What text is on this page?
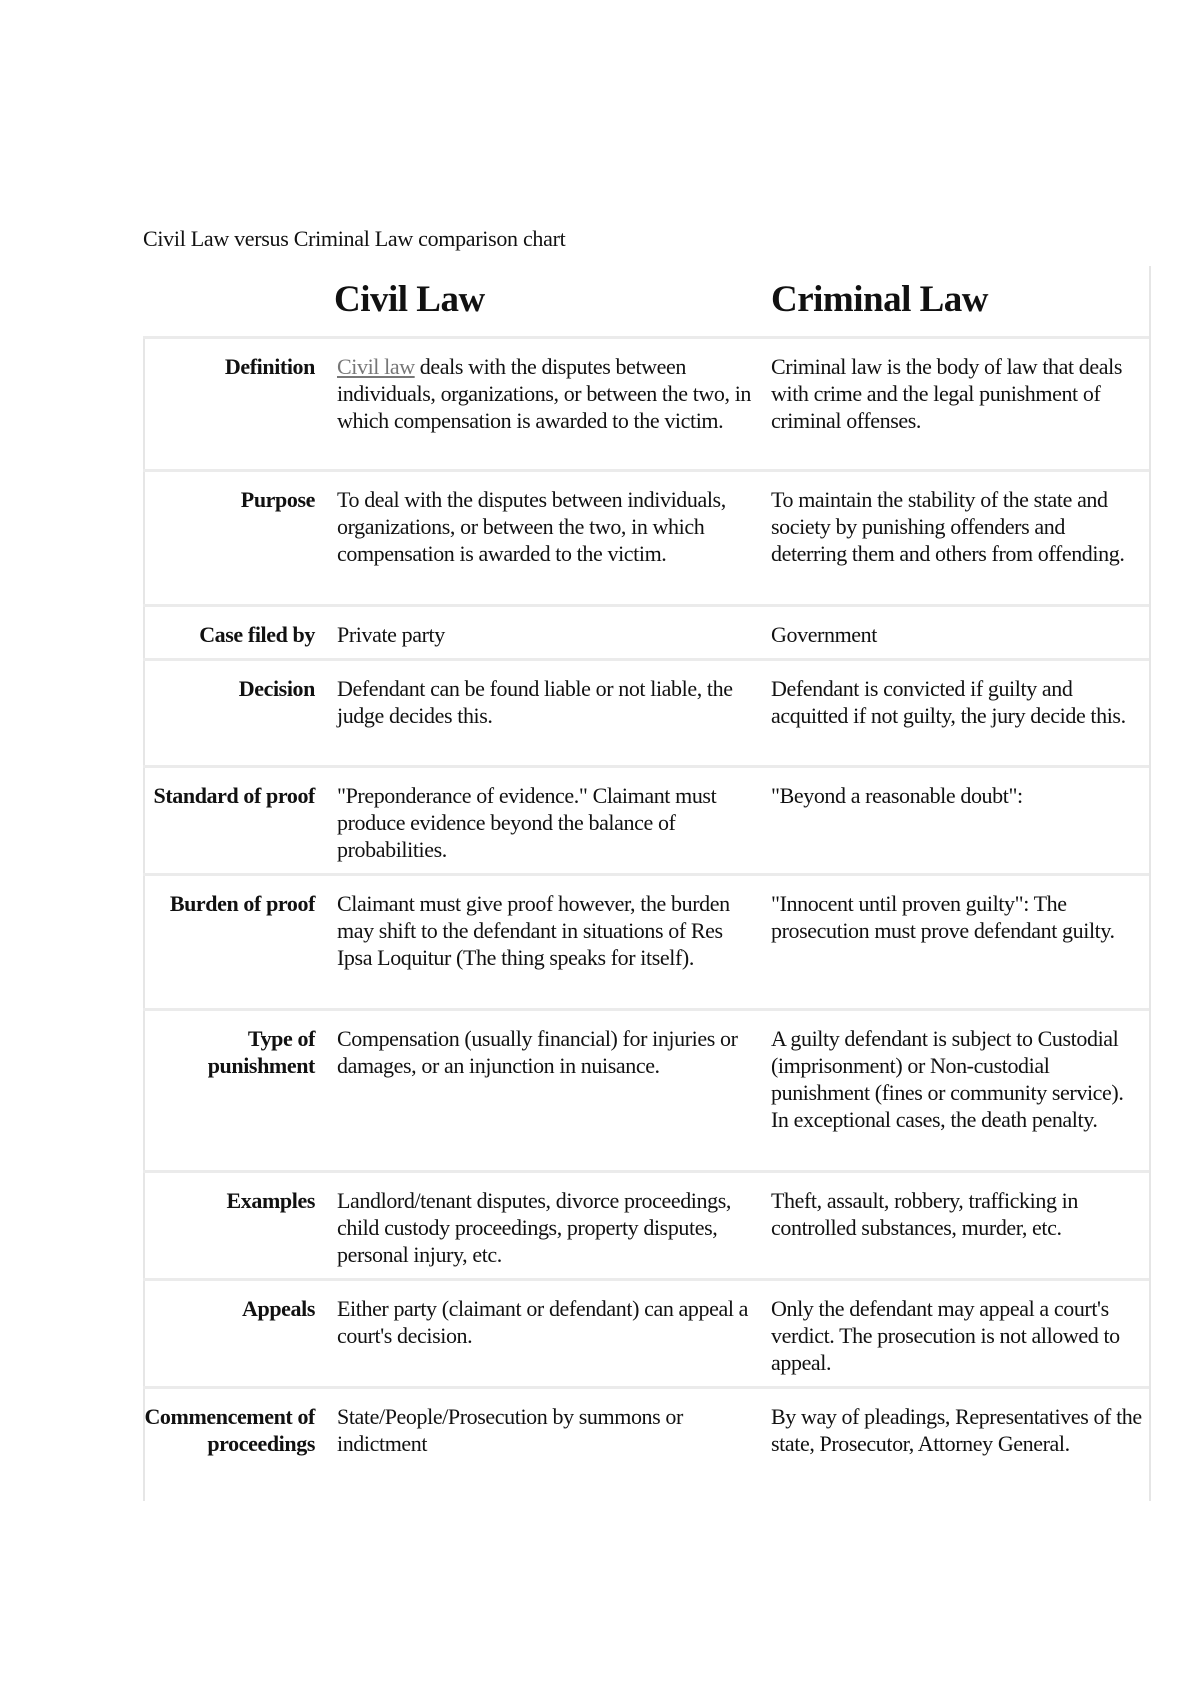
Civil Law versus Criminal Law comparison chart
Civil Law	Criminal Law
Definition Civil law deals with the disputes between individuals, organizations, or between the two, in which compensation is awarded to the victim.
Criminal law is the body of law that deals with crime and the legal punishment of criminal offenses.
Purpose To deal with the disputes between individuals, organizations, or between the two, in which compensation is awarded to the victim.
To maintain the stability of the state and society by punishing offenders and deterring them and others from offending.
Case filed by Private party	Government
Decision Defendant can be found liable or not liable, the judge decides this.
Defendant is convicted if guilty and acquitted if not guilty, the jury decide this.
Standard of proof "Preponderance of evidence." Claimant must produce evidence beyond the balance of probabilities.
"Beyond a reasonable doubt":
Burden of proof Claimant must give proof however, the burden may shift to the defendant in situations of Res Ipsa Loquitur (The thing speaks for itself).
"Innocent until proven guilty": The prosecution must prove defendant guilty.
Type of punishment
Compensation (usually financial) for injuries or damages, or an injunction in nuisance.
A guilty defendant is subject to Custodial (imprisonment) or Non-custodial punishment (fines or community service). In exceptional cases, the death penalty.
Examples Landlord/tenant disputes, divorce proceedings, child custody proceedings, property disputes, personal injury, etc.
Theft, assault, robbery, trafficking in controlled substances, murder, etc.
Appeals Either party (claimant or defendant) can appeal a court's decision.
Only the defendant may appeal a court's verdict. The prosecution is not allowed to appeal.
Commencement of proceedings
State/People/Prosecution by summons or indictment
By way of pleadings, Representatives of the state, Prosecutor, Attorney General.
